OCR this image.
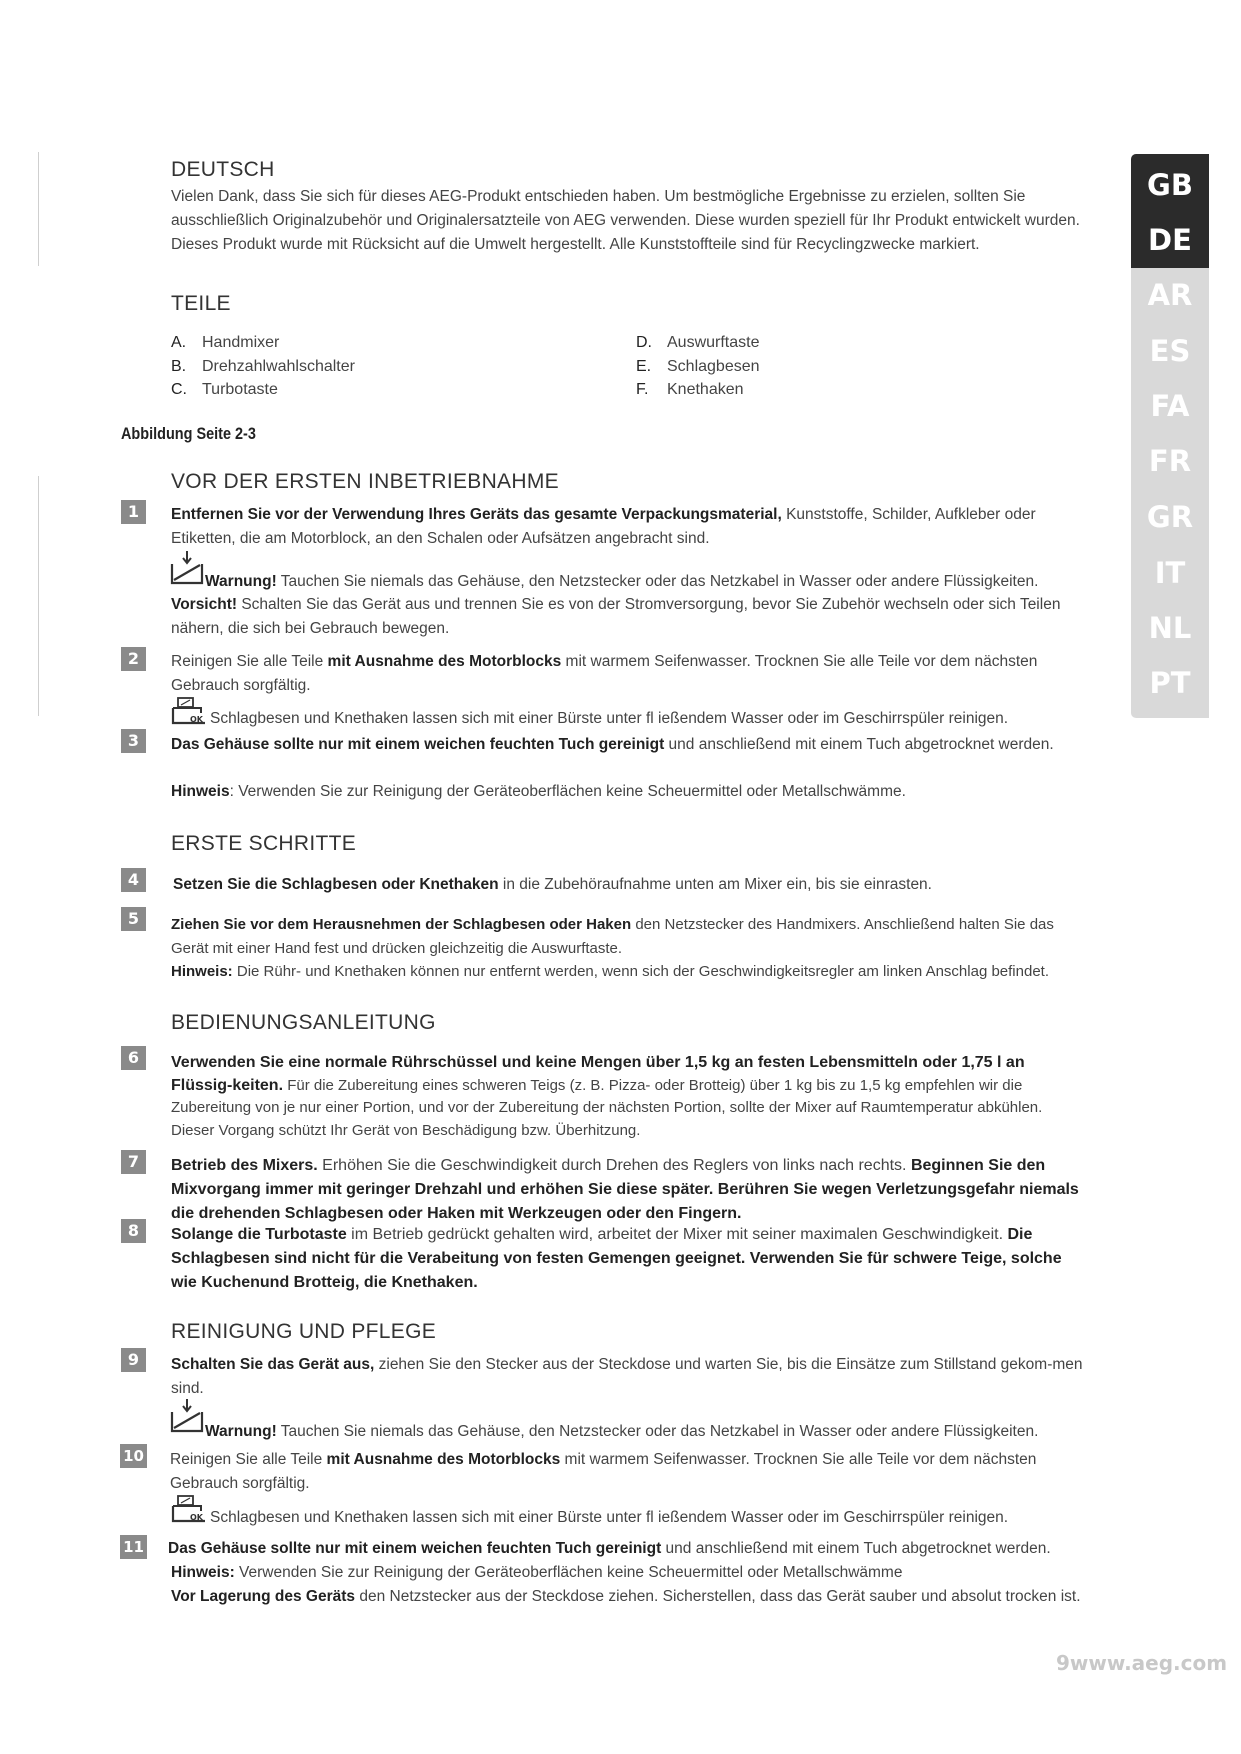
GB
DE
AR
ES
FA
FR
GR
IT
NL
PT
DEUTSCH
Vielen Dank, dass Sie sich für dieses AEG-Produkt entschieden haben. Um bestmögliche Ergebnisse zu erzielen, sollten Sie ausschließlich Originalzubehör und Originalersatzteile von AEG verwenden. Diese wurden speziell für Ihr Produkt entwickelt wurden. Dieses Produkt wurde mit Rücksicht auf die Umwelt hergestellt. Alle Kunststoffteile sind für Recyclingzwecke markiert.
TEILE
A. Handmixer
B. Drehzahlwahlschalter
C. Turbotaste
D. Auswurftaste
E. Schlagbesen
F. Knethaken
Abbildung Seite 2-3
VOR DER ERSTEN INBETRIEBNAHME
1	Entfernen Sie vor der Verwendung Ihres Geräts das gesamte Verpackungsmaterial, Kunststoffe, Schilder, Aufkleber oder Etiketten, die am Motorblock, an den Schalen oder Aufsätzen angebracht sind.
Warnung! Tauchen Sie niemals das Gehäuse, den Netzstecker oder das Netzkabel in Wasser oder andere Flüssigkeiten.
Vorsicht! Schalten Sie das Gerät aus und trennen Sie es von der Stromversorgung, bevor Sie Zubehör wechseln oder sich Teilen nähern, die sich bei Gebrauch bewegen.
2	Reinigen Sie alle Teile mit Ausnahme des Motorblocks mit warmem Seifenwasser. Trocknen Sie alle Teile vor dem nächsten Gebrauch sorgfältig.
OK Schlagbesen und Knethaken lassen sich mit einer Bürste unter fl ießendem Wasser oder im Geschirrspüler reinigen.
3	Das Gehäuse sollte nur mit einem weichen feuchten Tuch gereinigt und anschließend mit einem Tuch abgetrocknet werden.
Hinweis: Verwenden Sie zur Reinigung der Geräteoberflächen keine Scheuermittel oder Metallschwämme.
ERSTE SCHRITTE
4	Setzen Sie die Schlagbesen oder Knethaken in die Zubehöraufnahme unten am Mixer ein, bis sie einrasten.
5	Ziehen Sie vor dem Herausnehmen der Schlagbesen oder Haken den Netzstecker des Handmixers. Anschließend halten Sie das Gerät mit einer Hand fest und drücken gleichzeitig die Auswurftaste.
Hinweis: Die Rühr- und Knethaken können nur entfernt werden, wenn sich der Geschwindigkeitsregler am linken Anschlag befindet.
BEDIENUNGSANLEITUNG
6	Verwenden Sie eine normale Rührschüssel und keine Mengen über 1,5 kg an festen Lebensmitteln oder 1,75 l an Flüssig-keiten. Für die Zubereitung eines schweren Teigs (z. B. Pizza- oder Brotteig) über 1 kg bis zu 1,5 kg empfehlen wir die Zubereitung von je nur einer Portion, und vor der Zubereitung der nächsten Portion, sollte der Mixer auf Raumtemperatur abkühlen. Dieser Vorgang schützt Ihr Gerät von Beschädigung bzw. Überhitzung.
7	Betrieb des Mixers. Erhöhen Sie die Geschwindigkeit durch Drehen des Reglers von links nach rechts. Beginnen Sie den Mixvorgang immer mit geringer Drehzahl und erhöhen Sie diese später. Berühren Sie wegen Verletzungsgefahr niemals die drehenden Schlagbesen oder Haken mit Werkzeugen oder den Fingern.
8	Solange die Turbotaste im Betrieb gedrückt gehalten wird, arbeitet der Mixer mit seiner maximalen Geschwindigkeit. Die Schlagbesen sind nicht für die Verabeitung von festen Gemengen geeignet. Verwenden Sie für schwere Teige, solche wie Kuchenund Brotteig, die Knethaken.
REINIGUNG UND PFLEGE
9	Schalten Sie das Gerät aus, ziehen Sie den Stecker aus der Steckdose und warten Sie, bis die Einsätze zum Stillstand gekom-men sind.
Warnung! Tauchen Sie niemals das Gehäuse, den Netzstecker oder das Netzkabel in Wasser oder andere Flüssigkeiten.
10 Reinigen Sie alle Teile mit Ausnahme des Motorblocks mit warmem Seifenwasser. Trocknen Sie alle Teile vor dem nächsten Gebrauch sorgfältig.
OK Schlagbesen und Knethaken lassen sich mit einer Bürste unter fl ießendem Wasser oder im Geschirrspüler reinigen.
11 Das Gehäuse sollte nur mit einem weichen feuchten Tuch gereinigt und anschließend mit einem Tuch abgetrocknet werden.
Hinweis: Verwenden Sie zur Reinigung der Geräteoberflächen keine Scheuermittel oder Metallschwämme
Vor Lagerung des Geräts den Netzstecker aus der Steckdose ziehen. Sicherstellen, dass das Gerät sauber und absolut trocken ist.
9www.aeg.com
